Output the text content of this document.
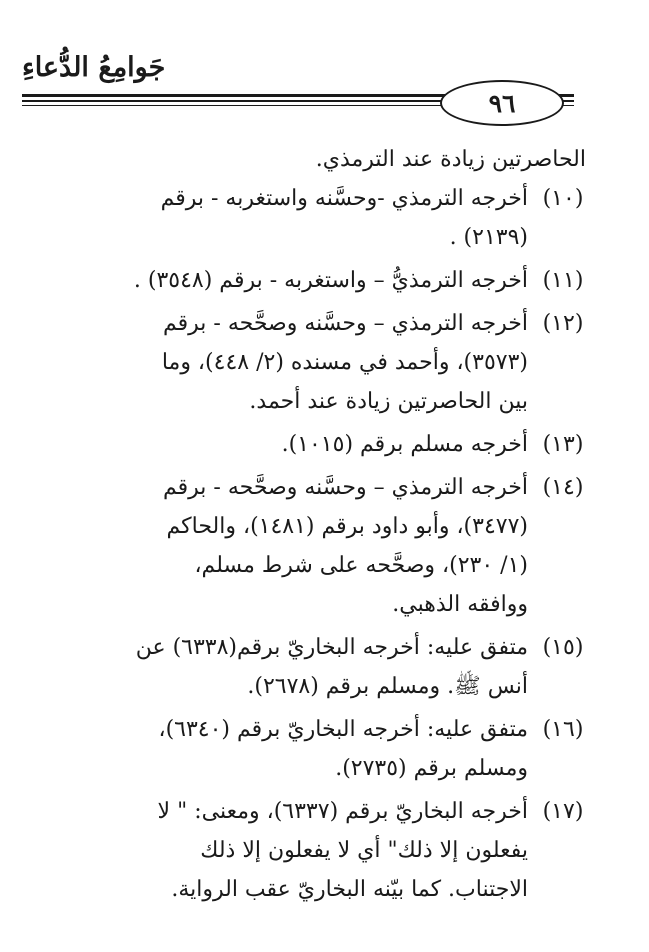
جَوامِعُ الدُّعاءِ
٩٦
الحاصرتين زيادة عند الترمذي.
(١٠)
أخرجه الترمذي -وحسَّنه واستغربه - برقم
(٢١٣٩) .
(١١)
أخرجه الترمذيُّ – واستغربه - برقم (٣٥٤٨) .
(١٢)
أخرجه الترمذي – وحسَّنه وصحَّحه - برقم
(٣٥٧٣)، وأحمد في مسنده (٢/ ٤٤٨)، وما
بين الحاصرتين زيادة عند أحمد.
(١٣)
أخرجه مسلم برقم (١٠١٥).
(١٤)
أخرجه الترمذي – وحسَّنه وصحَّحه - برقم
(٣٤٧٧)، وأبو داود برقم (١٤٨١)، والحاكم
(١/ ٢٣٠)، وصحَّحه على شرط مسلم،
ووافقه الذهبي.
(١٥)
متفق عليه: أخرجه البخاريّ برقم(٦٣٣٨) عن
أنس ﷺ. ومسلم برقم (٢٦٧٨).
(١٦)
متفق عليه: أخرجه البخاريّ برقم (٦٣٤٠)،
ومسلم برقم (٢٧٣٥).
(١٧)
أخرجه البخاريّ برقم (٦٣٣٧)، ومعنى: " لا
يفعلون إلا ذلك" أي لا يفعلون إلا ذلك
الاجتناب. كما بيّنه البخاريّ عقب الرواية.
